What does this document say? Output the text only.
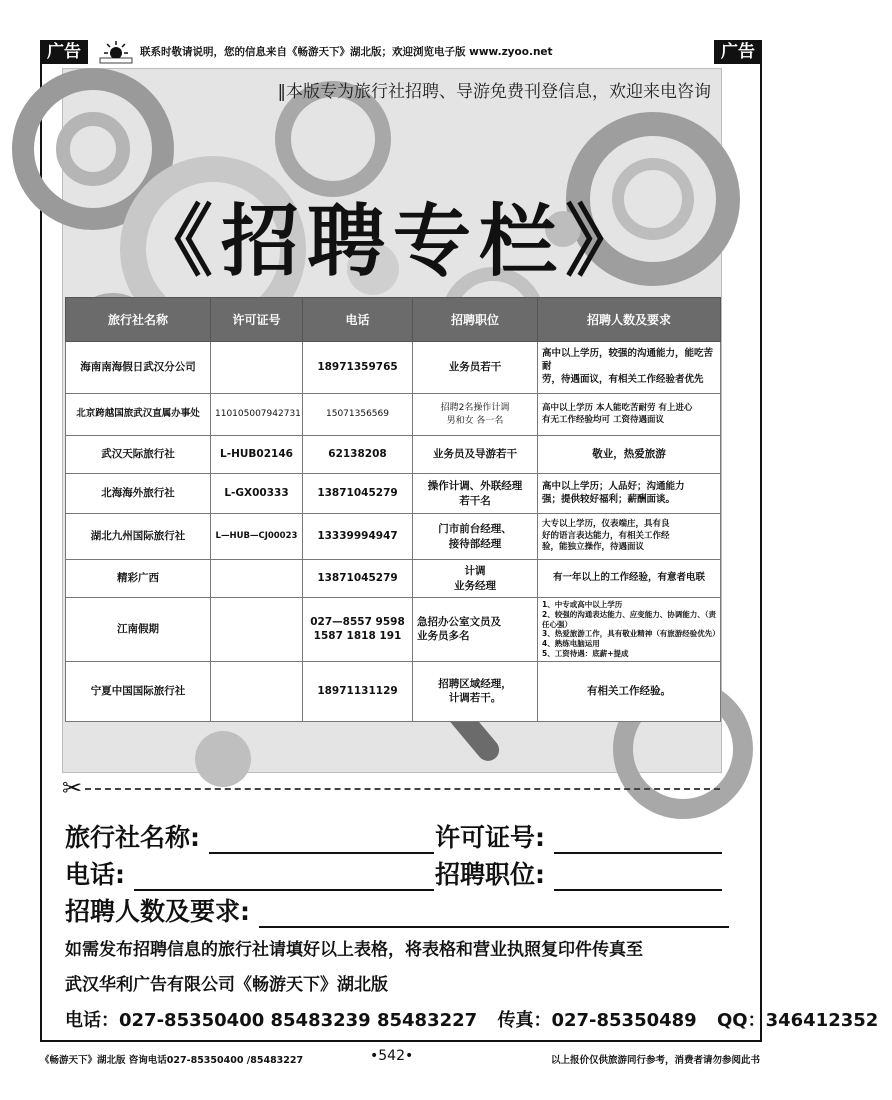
广告	联系时敬请说明，您的信息来自《畅游天下》湖北版；欢迎浏览电子版 www.zyoo.net	广告
‖本版专为旅行社招聘、导游免费刊登信息，欢迎来电咨询
《招聘专栏》
旅行社名称	许可证号	电话	招聘职位	招聘人数及要求
海南南海假日武汉分公司		18971359765	业务员若干	高中以上学历，较强的沟通能力，能吃苦耐
劳，待遇面议，有相关工作经验者优先

北京跨越国旅武汉直属办事处	110105007942731	15071356569	招聘2名操作计调
男和女 各一名	高中以上学历 本人能吃苦耐劳 有上进心
有无工作经验均可 工资待遇面议

武汉天际旅行社	L-HUB02146	62138208	业务员及导游若干	敬业，热爱旅游

北海海外旅行社	L-GX00333	13871045279	操作计调、外联经理
若干名	高中以上学历；人品好；沟通能力
强；提供较好福利；薪酬面谈。

湖北九州国际旅行社	L—HUB—CJ00023	13339994947	门市前台经理、
接待部经理	大专以上学历，仪表端庄，具有良
好的语言表达能力，有相关工作经
验，能独立操作，待遇面议

精彩广西		13871045279	计调
业务经理	有一年以上的工作经验，有意者电联

江南假期		027—8557 9598
1587 1818 191	急招办公室文员及
业务员多名	1、中专或高中以上学历
2、较强的沟通表达能力、应变能力、协调能力、（责任心强）
3、热爱旅游工作，具有敬业精神（有旅游经验优先）
4、熟练电脑运用
5、工资待遇：底薪+提成

宁夏中国国际旅行社		18971131129	招聘区域经理，
计调若干。	有相关工作经验。
✂
旅行社名称:	许可证号:
电话:	招聘职位:
招聘人数及要求:
如需发布招聘信息的旅行社请填好以上表格，将表格和营业执照复印件传真至
武汉华利广告有限公司《畅游天下》湖北版
电话：027-85350400 85483239 85483227 传真：027-85350489 QQ：346412352
《畅游天下》湖北版 咨询电话027-85350400 /85483227	•542•	以上报价仅供旅游同行参考，消费者请勿参阅此书
